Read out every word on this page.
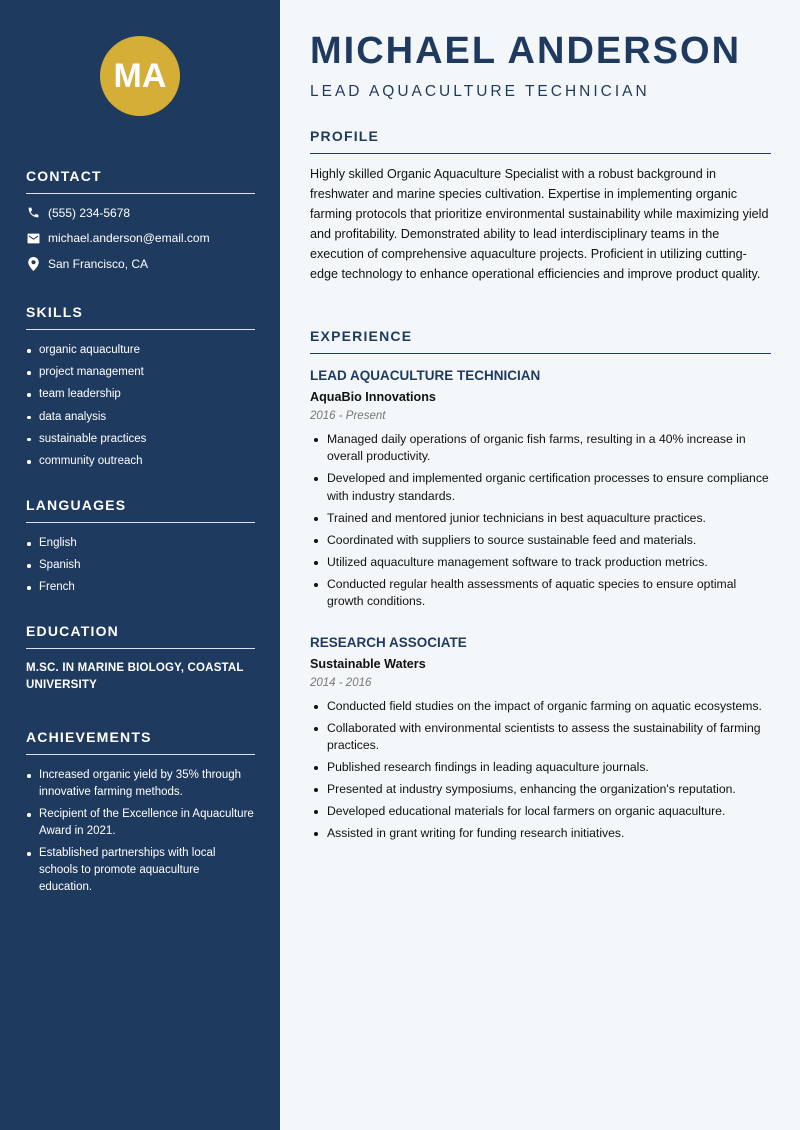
MA
CONTACT
(555) 234-5678
michael.anderson@email.com
San Francisco, CA
SKILLS
organic aquaculture
project management
team leadership
data analysis
sustainable practices
community outreach
LANGUAGES
English
Spanish
French
EDUCATION
M.SC. IN MARINE BIOLOGY, COASTAL UNIVERSITY
ACHIEVEMENTS
Increased organic yield by 35% through innovative farming methods.
Recipient of the Excellence in Aquaculture Award in 2021.
Established partnerships with local schools to promote aquaculture education.
MICHAEL ANDERSON
LEAD AQUACULTURE TECHNICIAN
PROFILE

Highly skilled Organic Aquaculture Specialist with a robust background in freshwater and marine species cultivation. Expertise in implementing organic farming protocols that prioritize environmental sustainability while maximizing yield and profitability. Demonstrated ability to lead interdisciplinary teams in the execution of comprehensive aquaculture projects. Proficient in utilizing cutting-edge technology to enhance operational efficiencies and improve product quality.

EXPERIENCE
LEAD AQUACULTURE TECHNICIAN
AquaBio Innovations
2016 - Present
Managed daily operations of organic fish farms, resulting in a 40% increase in overall productivity.
Developed and implemented organic certification processes to ensure compliance with industry standards.
Trained and mentored junior technicians in best aquaculture practices.
Coordinated with suppliers to source sustainable feed and materials.
Utilized aquaculture management software to track production metrics.
Conducted regular health assessments of aquatic species to ensure optimal growth conditions.
RESEARCH ASSOCIATE
Sustainable Waters
2014 - 2016
Conducted field studies on the impact of organic farming on aquatic ecosystems.
Collaborated with environmental scientists to assess the sustainability of farming practices.
Published research findings in leading aquaculture journals.
Presented at industry symposiums, enhancing the organization's reputation.
Developed educational materials for local farmers on organic aquaculture.
Assisted in grant writing for funding research initiatives.
